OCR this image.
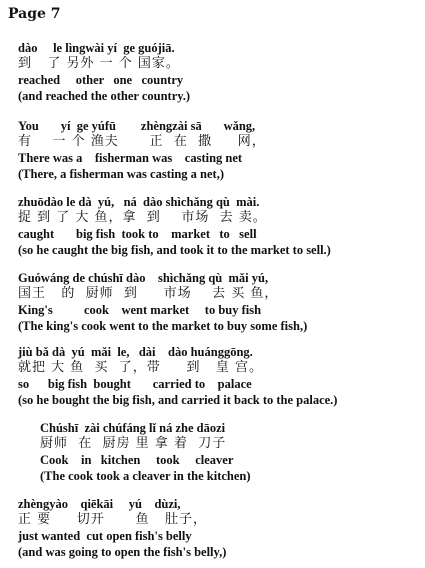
Page 7
dào     le lìngwài yí  ge guójiā.
到   了 另外 一 个 国家。
reached     other   one   country
(and reached the other country.)
You       yí  ge yúfū        zhèngzài sā       wǎng,
有    一 个 渔夫      正  在  撒     网，
There was a    fisherman was    casting net
(There, a fisherman was casting a net,)
zhuōdào le dà  yú,   ná  dào shìchǎng qù  mài.
捉 到 了 大 鱼，拿  到    市场  去 卖。
caught       big fish  took to    market   to   sell
(so he caught the big fish, and took it to the market to sell.)
Guówáng de chúshī dào    shìchǎng qù  mǎi yú,
国王   的  厨师  到     市场    去 买 鱼，
King's          cook    went market     to buy fish
(The king's cook went to the market to buy some fish,)
jiù bǎ dà  yú  mǎi  le,   dài    dào huánggōng.
就把 大 鱼  买  了，带     到   皇 宫。
so      big fish  bought       carried to    palace
(so he bought the big fish, and carried it back to the palace.)
Chúshī  zài chúfáng lǐ ná zhe dāozi
厨师  在  厨房 里 拿 着  刀子
Cook    in   kitchen     took     cleaver
(The cook took a cleaver in the kitchen)
zhèngyào    qiēkāi     yú    dùzi,
正 要     切开      鱼   肚子，
just wanted  cut open fish's belly
(and was going to open the fish's belly,)
